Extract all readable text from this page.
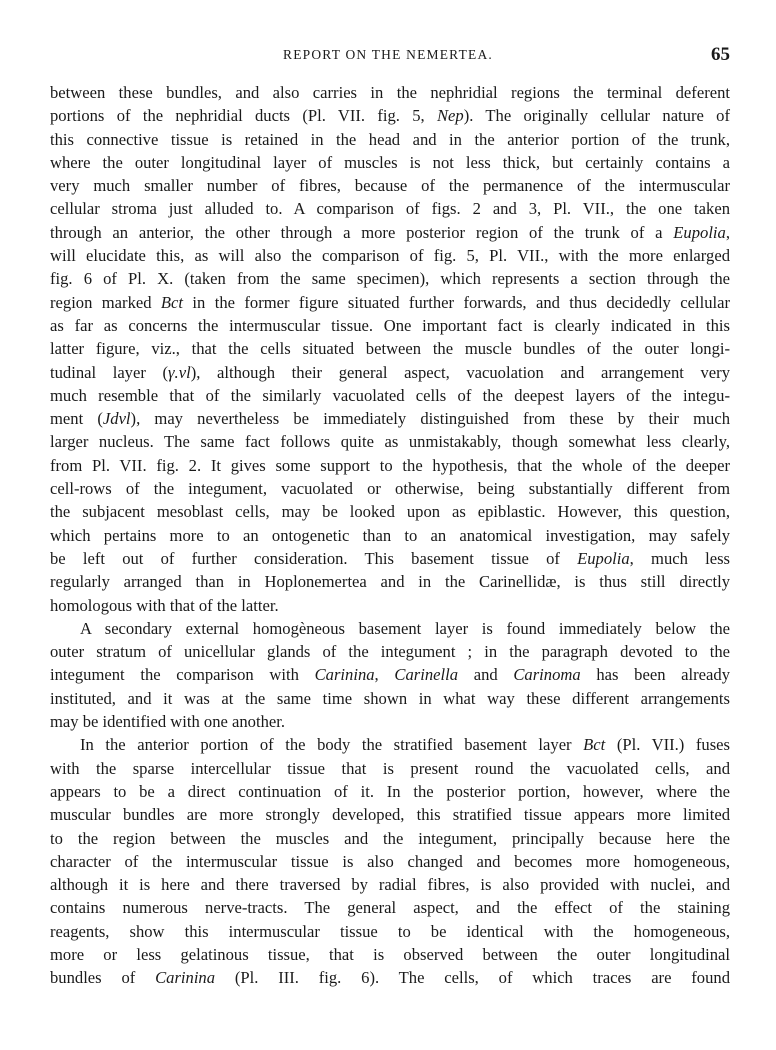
REPORT ON THE NEMERTEA.	65
between these bundles, and also carries in the nephridial regions the terminal deferent
portions of the nephridial ducts (Pl. VII. fig. 5, Nep). The originally cellular nature of
this connective tissue is retained in the head and in the anterior portion of the trunk,
where the outer longitudinal layer of muscles is not less thick, but certainly contains a
very much smaller number of fibres, because of the permanence of the intermuscular
cellular stroma just alluded to. A comparison of figs. 2 and 3, Pl. VII., the one taken
through an anterior, the other through a more posterior region of the trunk of a Eupolia,
will elucidate this, as will also the comparison of fig. 5, Pl. VII., with the more enlarged
fig. 6 of Pl. X. (taken from the same specimen), which represents a section through the
region marked Bct in the former figure situated further forwards, and thus decidedly cellular
as far as concerns the intermuscular tissue. One important fact is clearly indicated in this
latter figure, viz., that the cells situated between the muscle bundles of the outer longi-
tudinal layer (γ.vl), although their general aspect, vacuolation and arrangement very
much resemble that of the similarly vacuolated cells of the deepest layers of the integu-
ment (Jdvl), may nevertheless be immediately distinguished from these by their much
larger nucleus. The same fact follows quite as unmistakably, though somewhat less clearly,
from Pl. VII. fig. 2. It gives some support to the hypothesis, that the whole of the deeper
cell-rows of the integument, vacuolated or otherwise, being substantially different from
the subjacent mesoblast cells, may be looked upon as epiblastic. However, this question,
which pertains more to an ontogenetic than to an anatomical investigation, may safely
be left out of further consideration. This basement tissue of Eupolia, much less
regularly arranged than in Hoplonemertea and in the Carinellidæ, is thus still directly
homologous with that of the latter.
A secondary external homogèneous basement layer is found immediately below the
outer stratum of unicellular glands of the integument ; in the paragraph devoted to the
integument the comparison with Carinina, Carinella and Carinoma has been already
instituted, and it was at the same time shown in what way these different arrangements
may be identified with one another.
In the anterior portion of the body the stratified basement layer Bct (Pl. VII.) fuses
with the sparse intercellular tissue that is present round the vacuolated cells, and
appears to be a direct continuation of it. In the posterior portion, however, where the
muscular bundles are more strongly developed, this stratified tissue appears more limited
to the region between the muscles and the integument, principally because here the
character of the intermuscular tissue is also changed and becomes more homogeneous,
although it is here and there traversed by radial fibres, is also provided with nuclei, and
contains numerous nerve-tracts. The general aspect, and the effect of the staining
reagents, show this intermuscular tissue to be identical with the homogeneous,
more or less gelatinous tissue, that is observed between the outer longitudinal
bundles of Carinina (Pl. III. fig. 6). The cells, of which traces are found
